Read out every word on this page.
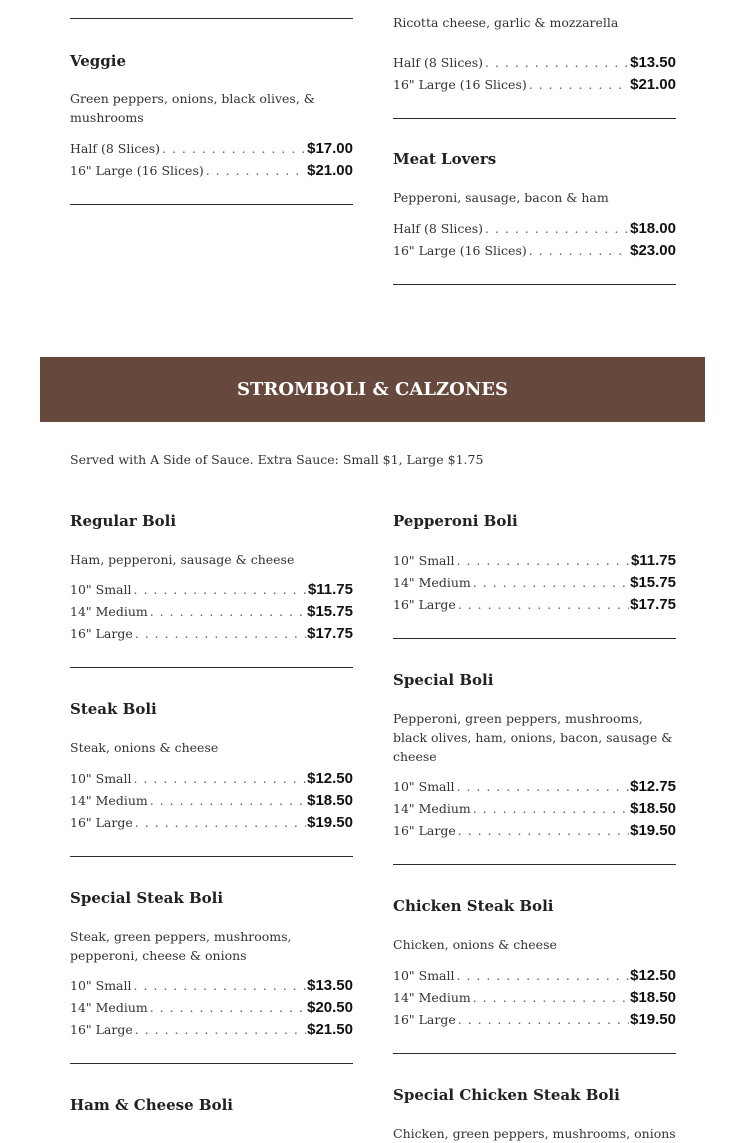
Veggie

Green peppers, onions, black olives, & mushrooms

Half (8 Slices) . . .	$17.00
16" Large (16 Slices) . . .	$21.00

Ricotta cheese, garlic & mozzarella

Half (8 Slices) . . .	$13.50
16" Large (16 Slices) . . .	$21.00
Meat Lovers

Pepperoni, sausage, bacon & ham

Half (8 Slices) . . .	$18.00
16" Large (16 Slices) . . .	$23.00
STROMBOLI & CALZONES
Served with A Side of Sauce. Extra Sauce: Small $1, Large $1.75
Regular Boli

Ham, pepperoni, sausage & cheese

10" Small . . .	$11.75
14" Medium . . .	$15.75
16" Large . . .	$17.75
Steak Boli

Steak, onions & cheese

10" Small . . .	$12.50
14" Medium . . .	$18.50
16" Large . . .	$19.50
Special Steak Boli

Steak, green peppers, mushrooms, pepperoni, cheese & onions

10" Small . . .	$13.50
14" Medium . . .	$20.50
16" Large . . .	$21.50
Ham & Cheese Boli
Pepperoni Boli
10" Small . . .	$11.75
14" Medium . . .	$15.75
16" Large . . .	$17.75
Special Boli

Pepperoni, green peppers, mushrooms, black olives, ham, onions, bacon, sausage & cheese

10" Small . . .	$12.75
14" Medium . . .	$18.50
16" Large . . .	$19.50
Chicken Steak Boli

Chicken, onions & cheese

10" Small . . .	$12.50
14" Medium . . .	$18.50
16" Large . . .	$19.50
Special Chicken Steak Boli

Chicken, green peppers, mushrooms, onions
